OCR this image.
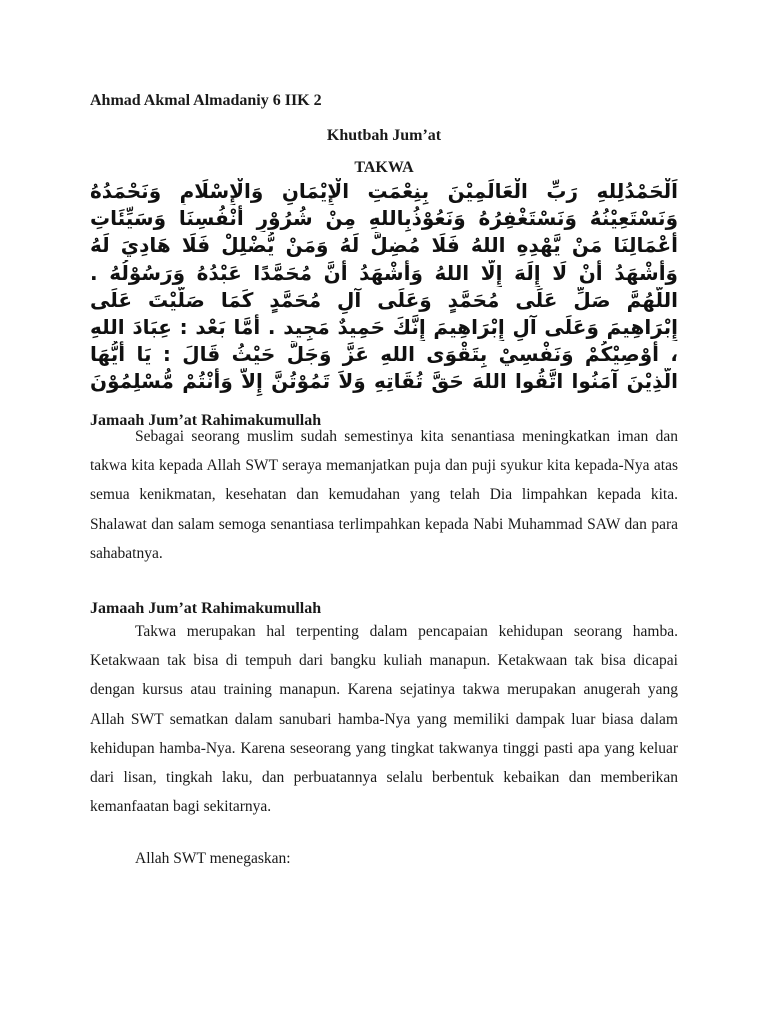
Ahmad Akmal Almadaniy 6 IIK 2
Khutbah Jum’at
TAKWA
اَلْحَمْدُلِلهِ رَبِّ الْعَالَمِيْنَ بِنِعْمَتِ الْإِيْمَانِ وَالْإِسْلَامِ وَنَحْمَدُهُ
وَنَسْتَعِيْنُهُ وَنَسْتَغْفِرُهُ وَنَعُوْذُبِاللهِ مِنْ شُرُوْرِ أَنْفُسِنَا وَسَيِّئَاتِ
أَعْمَالِنَا مَنْ يَّهْدِهِ اللهُ فَلَا مُضِلَّ لَهُ وَمَنْ يُّضْلِلْ فَلَا هَادِيَ لَهُ
وَأَشْهَدُ أَنْ لَا إِلَهَ إِلَّا اللهُ وَأَشْهَدُ أَنَّ مُحَمَّدًا عَبْدُهُ وَرَسُوْلُهُ .
اللَّهُمَّ صَلِّ عَلَى مُحَمَّدٍ وَعَلَى آلِ مُحَمَّدٍ كَمَا صَلَّيْتَ عَلَى
إِبْرَاهِيمَ وَعَلَى آلِ إِبْرَاهِيمَ إِنَّكَ حَمِيدٌ مَجِيد . أَمَّا بَعْد : عِبَادَ اللهِ
، أُوْصِيْكُمْ وَنَفْسِيْ بِتَقْوَى اللهِ عَزَّ وَجَلَّ حَيْثُ قَالَ : يَا أَيُّهَا
الَّذِيْنَ آمَنُوا اتَّقُوا اللهَ حَقَّ تُقَاتِهِ وَلاَ تَمُوْتُنَّ إِلاَّ وَأَنْتُمْ مُّسْلِمُوْنَ
Jamaah Jum’at Rahimakumullah

Sebagai seorang muslim sudah semestinya kita senantiasa meningkatkan iman dan takwa kita kepada Allah SWT seraya memanjatkan puja dan puji syukur kita kepada-Nya atas semua kenikmatan, kesehatan dan kemudahan yang telah Dia limpahkan kepada kita. Shalawat dan salam semoga senantiasa terlimpahkan kepada Nabi Muhammad SAW dan para sahabatnya.

Jamaah Jum’at Rahimakumullah

Takwa merupakan hal terpenting dalam pencapaian kehidupan seorang hamba. Ketakwaan tak bisa di tempuh dari bangku kuliah manapun. Ketakwaan tak bisa dicapai dengan kursus atau training manapun. Karena sejatinya takwa merupakan anugerah yang Allah SWT sematkan dalam sanubari hamba-Nya yang memiliki dampak luar biasa dalam kehidupan hamba-Nya. Karena seseorang yang tingkat takwanya tinggi pasti apa yang keluar dari lisan, tingkah laku, dan perbuatannya selalu berbentuk kebaikan dan memberikan kemanfaatan bagi sekitarnya.

Allah SWT menegaskan:
